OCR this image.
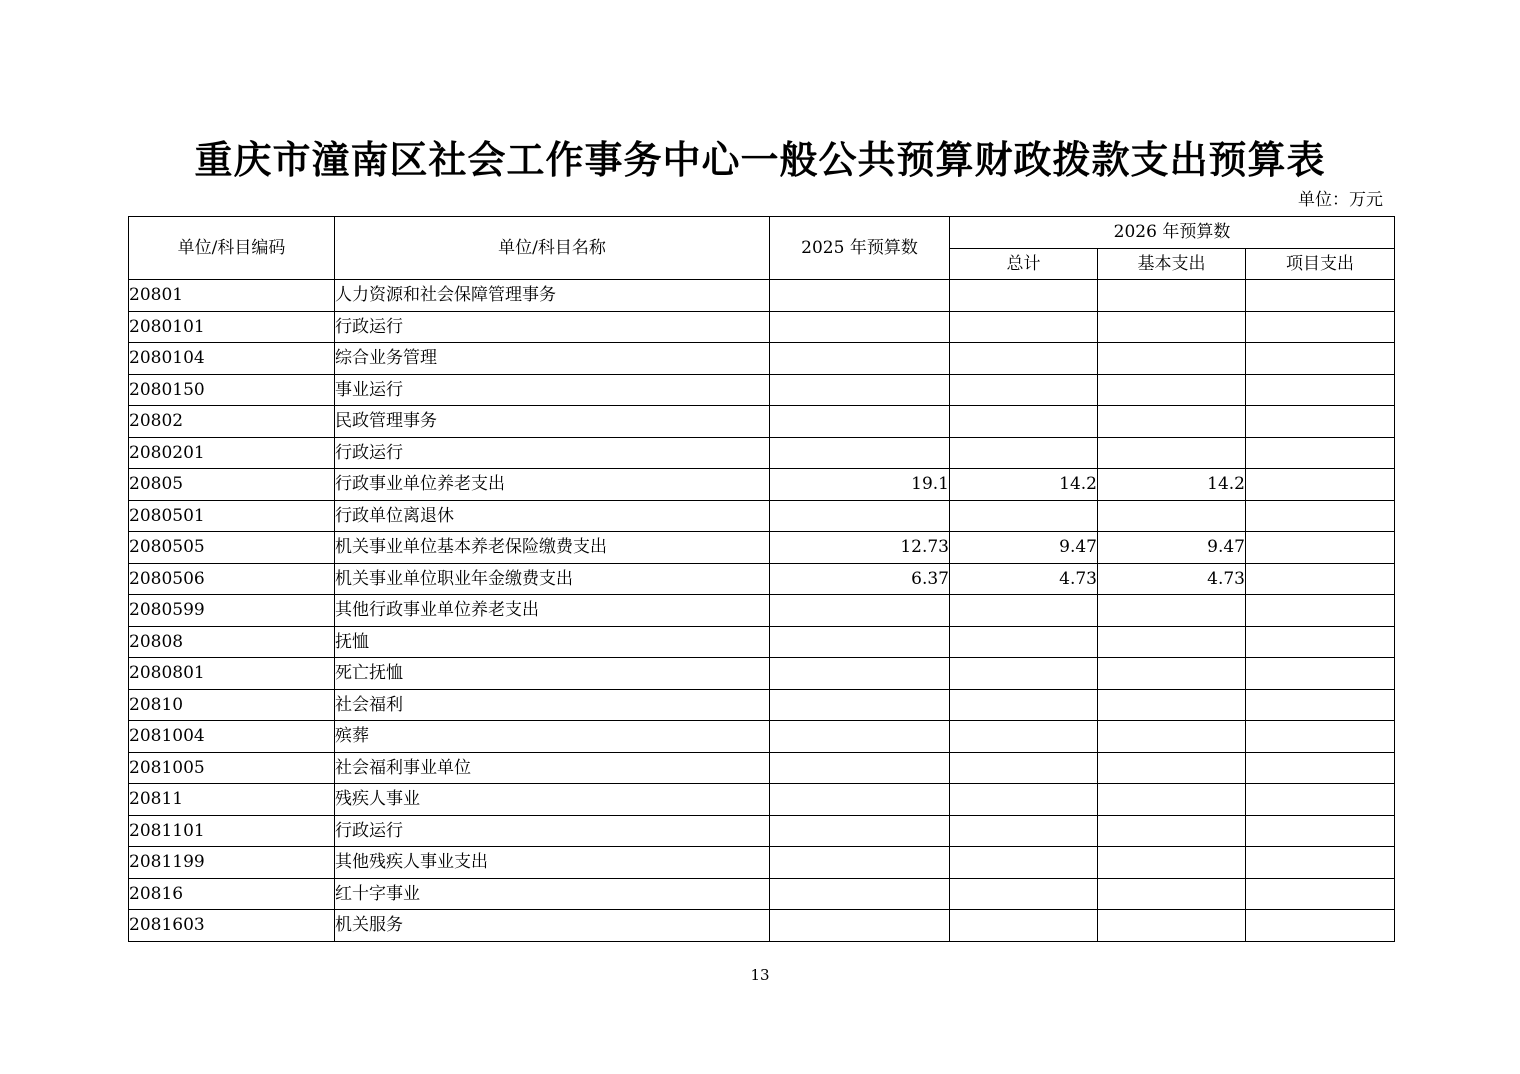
重庆市潼南区社会工作事务中心一般公共预算财政拨款支出预算表
单位：万元
单位/科目编码	单位/科目名称	2025 年预算数	2026 年预算数		
			总计	基本支出	项目支出
20801	人力资源和社会保障管理事务				
2080101	行政运行				
2080104	综合业务管理				
2080150	事业运行				
20802	民政管理事务				
2080201	行政运行				
20805	行政事业单位养老支出	19.1	14.2	14.2	
2080501	行政单位离退休				
2080505	机关事业单位基本养老保险缴费支出	12.73	9.47	9.47	
2080506	机关事业单位职业年金缴费支出	6.37	4.73	4.73	
2080599	其他行政事业单位养老支出				
20808	抚恤				
2080801	死亡抚恤				
20810	社会福利				
2081004	殡葬				
2081005	社会福利事业单位				
20811	残疾人事业				
2081101	行政运行				
2081199	其他残疾人事业支出				
20816	红十字事业				
2081603	机关服务				
13
